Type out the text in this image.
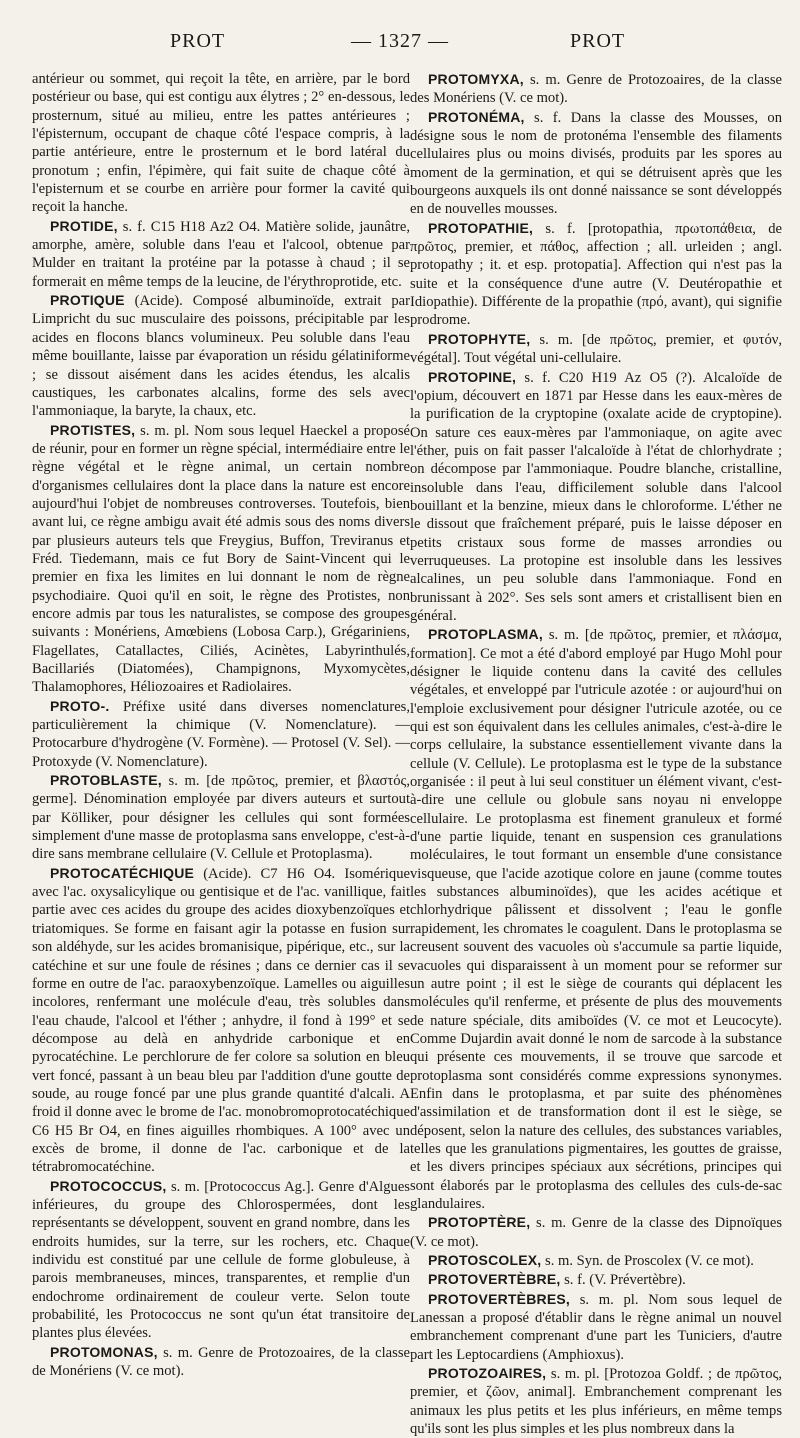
PROT	— 1327 —	PROT

antérieur ou sommet, qui reçoit la tête, en arrière, par le bord postérieur ou base, qui est contigu aux élytres ; 2° en-dessous, le prosternum, situé au milieu, entre les pattes antérieures ; l'épisternum, occupant de chaque côté l'espace compris, à la partie antérieure, entre le prosternum et le bord latéral du pronotum ; enfin, l'épimère, qui fait suite de chaque côté à l'episternum et se courbe en arrière pour former la cavité qui reçoit la hanche.

PROTIDE, s. f. C15 H18 Az2 O4. Matière solide, jaunâtre, amorphe, amère, soluble dans l'eau et l'alcool, obtenue par Mulder en traitant la protéine par la potasse à chaud ; il se formerait en même temps de la leucine, de l'érythroprotide, etc.

PROTIQUE (Acide). Composé albuminoïde, extrait par Limpricht du suc musculaire des poissons, précipitable par les acides en flocons blancs volumineux. Peu soluble dans l'eau même bouillante, laisse par évaporation un résidu gélatiniforme ; se dissout aisément dans les acides étendus, les alcalis caustiques, les carbonates alcalins, forme des sels avec l'ammoniaque, la baryte, la chaux, etc.

PROTISTES, s. m. pl. Nom sous lequel Haeckel a proposé de réunir, pour en former un règne spécial, intermédiaire entre le règne végétal et le règne animal, un certain nombre d'organismes cellulaires dont la place dans la nature est encore aujourd'hui l'objet de nombreuses controverses. Toutefois, bien avant lui, ce règne ambigu avait été admis sous des noms divers par plusieurs auteurs tels que Freygius, Buffon, Treviranus et Fréd. Tiedemann, mais ce fut Bory de Saint-Vincent qui le premier en fixa les limites en lui donnant le nom de règne psychodiaire. Quoi qu'il en soit, le règne des Protistes, non encore admis par tous les naturalistes, se compose des groupes suivants : Monériens, Amœbiens (Lobosa Carp.), Grégariniens, Flagellates, Catallactes, Ciliés, Acinètes, Labyrinthulés, Bacillariés (Diatomées), Champignons, Myxomycètes, Thalamophores, Héliozoaires et Radiolaires.

PROTO-. Préfixe usité dans diverses nomenclatures, particulièrement la chimique (V. Nomenclature). — Protocarbure d'hydrogène (V. Formène). — Protosel (V. Sel). — Protoxyde (V. Nomenclature).

PROTOBLASTE, s. m. [de πρῶτος, premier, et βλαστός, germe]. Dénomination employée par divers auteurs et surtout par Kölliker, pour désigner les cellules qui sont formées simplement d'une masse de protoplasma sans enveloppe, c'est-à-dire sans membrane cellulaire (V. Cellule et Protoplasma).

PROTOCATÉCHIQUE (Acide). C7 H6 O4. Isomérique avec l'ac. oxysalicylique ou gentisique et de l'ac. vanillique, fait partie avec ces acides du groupe des acides dioxybenzoïques et triatomiques. Se forme en faisant agir la potasse en fusion sur son aldéhyde, sur les acides bromanisique, pipérique, etc., sur la catéchine et sur une foule de résines ; dans ce dernier cas il se forme en outre de l'ac. paraoxybenzoïque. Lamelles ou aiguilles incolores, renfermant une molécule d'eau, très solubles dans l'eau chaude, l'alcool et l'éther ; anhydre, il fond à 199° et se décompose au delà en anhydride carbonique et en pyrocatéchine. Le perchlorure de fer colore sa solution en bleu vert foncé, passant à un beau bleu par l'addition d'une goutte de soude, au rouge foncé par une plus grande quantité d'alcali. A froid il donne avec le brome de l'ac. monobromoprotocatéchique C6 H5 Br O4, en fines aiguilles rhombiques. A 100° avec un excès de brome, il donne de l'ac. carbonique et de la tétrabromocatéchine.

PROTOCOCCUS, s. m. [Protococcus Ag.]. Genre d'Algues inférieures, du groupe des Chlorospermées, dont les représentants se développent, souvent en grand nombre, dans les endroits humides, sur la terre, sur les rochers, etc. Chaque individu est constitué par une cellule de forme globuleuse, à parois membraneuses, minces, transparentes, et remplie d'un endochrome ordinairement de couleur verte. Selon toute probabilité, les Protococcus ne sont qu'un état transitoire de plantes plus élevées.

PROTOMONAS, s. m. Genre de Protozoaires, de la classe de Monériens (V. ce mot).

PROTOMYXA, s. m. Genre de Protozoaires, de la classe des Monériens (V. ce mot).

PROTONÉMA, s. f. Dans la classe des Mousses, on désigne sous le nom de protonéma l'ensemble des filaments cellulaires plus ou moins divisés, produits par les spores au moment de la germination, et qui se détruisent après que les bourgeons auxquels ils ont donné naissance se sont développés en de nouvelles mousses.

PROTOPATHIE, s. f. [protopathia, πρωτοπάθεια, de πρῶτος, premier, et πάθος, affection ; all. urleiden ; angl. protopathy ; it. et esp. protopatia]. Affection qui n'est pas la suite et la conséquence d'une autre (V. Deutéropathie et Idiopathie). Différente de la propathie (πρό, avant), qui signifie prodrome.

PROTOPHYTE, s. m. [de πρῶτος, premier, et φυτόν, végétal]. Tout végétal uni-cellulaire.

PROTOPINE, s. f. C20 H19 Az O5 (?). Alcaloïde de l'opium, découvert en 1871 par Hesse dans les eaux-mères de la purification de la cryptopine (oxalate acide de cryptopine). On sature ces eaux-mères par l'ammoniaque, on agite avec l'éther, puis on fait passer l'alcaloïde à l'état de chlorhydrate ; on décompose par l'ammoniaque. Poudre blanche, cristalline, insoluble dans l'eau, difficilement soluble dans l'alcool bouillant et la benzine, mieux dans le chloroforme. L'éther ne le dissout que fraîchement préparé, puis le laisse déposer en petits cristaux sous forme de masses arrondies ou verruqueuses. La protopine est insoluble dans les lessives alcalines, un peu soluble dans l'ammoniaque. Fond en brunissant à 202°. Ses sels sont amers et cristallisent bien en général.

PROTOPLASMA, s. m. [de πρῶτος, premier, et πλάσμα, formation]. Ce mot a été d'abord employé par Hugo Mohl pour désigner le liquide contenu dans la cavité des cellules végétales, et enveloppé par l'utricule azotée : or aujourd'hui on l'emploie exclusivement pour désigner l'utricule azotée, ou ce qui est son équivalent dans les cellules animales, c'est-à-dire le corps cellulaire, la substance essentiellement vivante dans la cellule (V. Cellule). Le protoplasma est le type de la substance organisée : il peut à lui seul constituer un élément vivant, c'est-à-dire une cellule ou globule sans noyau ni enveloppe cellulaire. Le protoplasma est finement granuleux et formé d'une partie liquide, tenant en suspension ces granulations moléculaires, le tout formant un ensemble d'une consistance visqueuse, que l'acide azotique colore en jaune (comme toutes les substances albuminoïdes), que les acides acétique et chlorhydrique pâlissent et dissolvent ; l'eau le gonfle rapidement, les chromates le coagulent. Dans le protoplasma se creusent souvent des vacuoles où s'accumule sa partie liquide, vacuoles qui disparaissent à un moment pour se reformer sur un autre point ; il est le siège de courants qui déplacent les molécules qu'il renferme, et présente de plus des mouvements de nature spéciale, dits amiboïdes (V. ce mot et Leucocyte). Comme Dujardin avait donné le nom de sarcode à la substance qui présente ces mouvements, il se trouve que sarcode et protoplasma sont considérés comme expressions synonymes. Enfin dans le protoplasma, et par suite des phénomènes d'assimilation et de transformation dont il est le siège, se déposent, selon la nature des cellules, des substances variables, telles que les granulations pigmentaires, les gouttes de graisse, et les divers principes spéciaux aux sécrétions, principes qui sont élaborés par le protoplasma des cellules des culs-de-sac glandulaires.

PROTOPTÈRE, s. m. Genre de la classe des Dipnoïques (V. ce mot).

PROTOSCOLEX, s. m. Syn. de Proscolex (V. ce mot).

PROTOVERTÈBRE, s. f. (V. Prévertèbre).

PROTOVERTÈBRES, s. m. pl. Nom sous lequel de Lanessan a proposé d'établir dans le règne animal un nouvel embranchement comprenant d'une part les Tuniciers, d'autre part les Leptocardiens (Amphioxus).

PROTOZOAIRES, s. m. pl. [Protozoa Goldf. ; de πρῶτος, premier, et ζῶον, animal]. Embranchement comprenant les animaux les plus petits et les plus inférieurs, en même temps qu'ils sont les plus simples et les plus nombreux dans la
